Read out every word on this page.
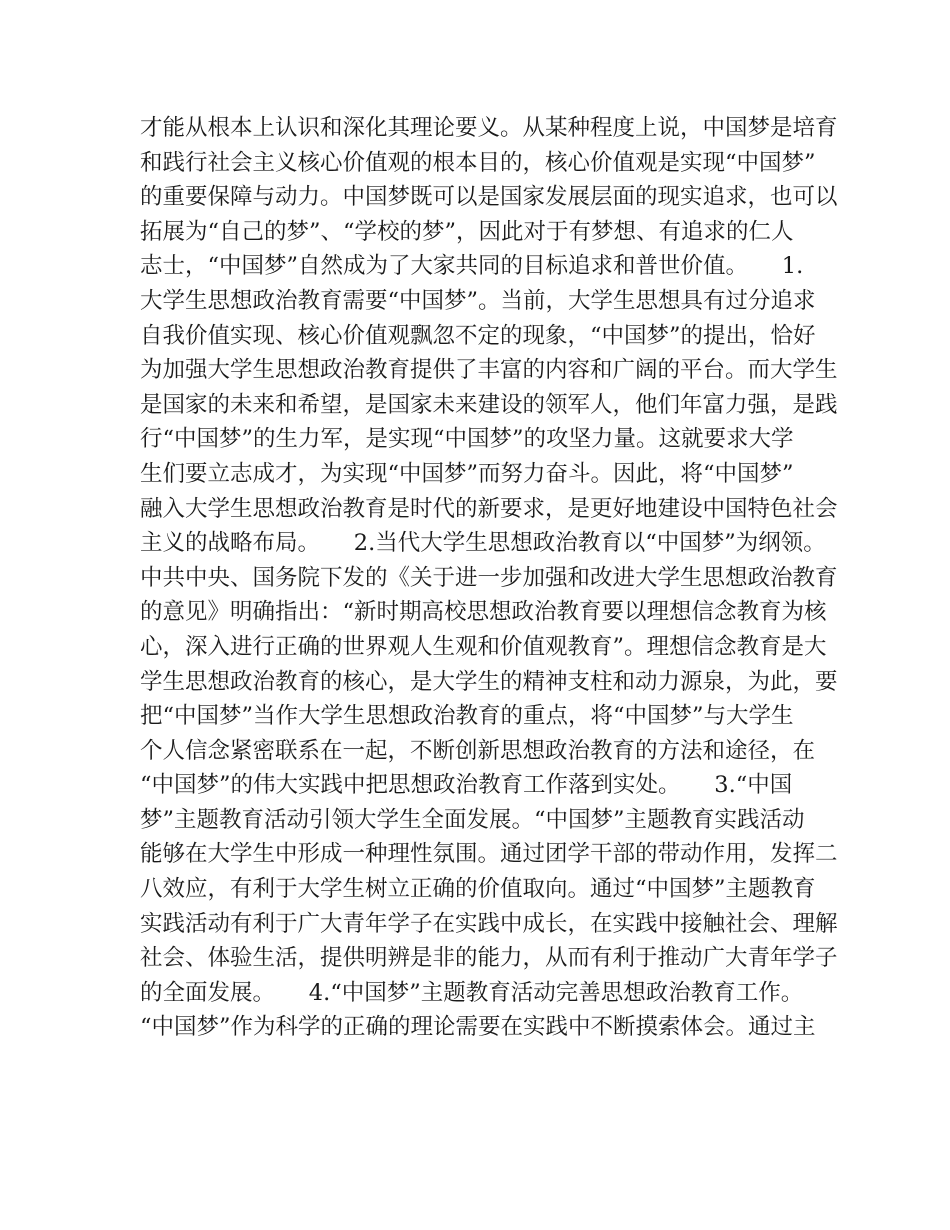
才能从根本上认识和深化其理论要义。从某种程度上说，中国梦是培育
和践行社会主义核心价值观的根本目的，核心价值观是实现“中国梦”
的重要保障与动力。中国梦既可以是国家发展层面的现实追求，也可以
拓展为“自己的梦”、“学校的梦”，因此对于有梦想、有追求的仁人
志士，“中国梦”自然成为了大家共同的目标追求和普世价值。　　1.
大学生思想政治教育需要“中国梦”。当前，大学生思想具有过分追求
自我价值实现、核心价值观飘忽不定的现象，“中国梦”的提出，恰好
为加强大学生思想政治教育提供了丰富的内容和广阔的平台。而大学生
是国家的未来和希望，是国家未来建设的领军人，他们年富力强，是践
行“中国梦”的生力军，是实现“中国梦”的攻坚力量。这就要求大学
生们要立志成才，为实现“中国梦”而努力奋斗。因此，将“中国梦”
融入大学生思想政治教育是时代的新要求，是更好地建设中国特色社会
主义的战略布局。　　2.当代大学生思想政治教育以“中国梦”为纲领。
中共中央、国务院下发的《关于进一步加强和改进大学生思想政治教育
的意见》明确指出：“新时期高校思想政治教育要以理想信念教育为核
心，深入进行正确的世界观人生观和价值观教育”。理想信念教育是大
学生思想政治教育的核心，是大学生的精神支柱和动力源泉，为此，要
把“中国梦”当作大学生思想政治教育的重点，将“中国梦”与大学生
个人信念紧密联系在一起，不断创新思想政治教育的方法和途径，在
“中国梦”的伟大实践中把思想政治教育工作落到实处。　　3.“中国
梦”主题教育活动引领大学生全面发展。“中国梦”主题教育实践活动
能够在大学生中形成一种理性氛围。通过团学干部的带动作用，发挥二
八效应，有利于大学生树立正确的价值取向。通过“中国梦”主题教育
实践活动有利于广大青年学子在实践中成长，在实践中接触社会、理解
社会、体验生活，提供明辨是非的能力，从而有利于推动广大青年学子
的全面发展。　　4.“中国梦”主题教育活动完善思想政治教育工作。
“中国梦”作为科学的正确的理论需要在实践中不断摸索体会。通过主
